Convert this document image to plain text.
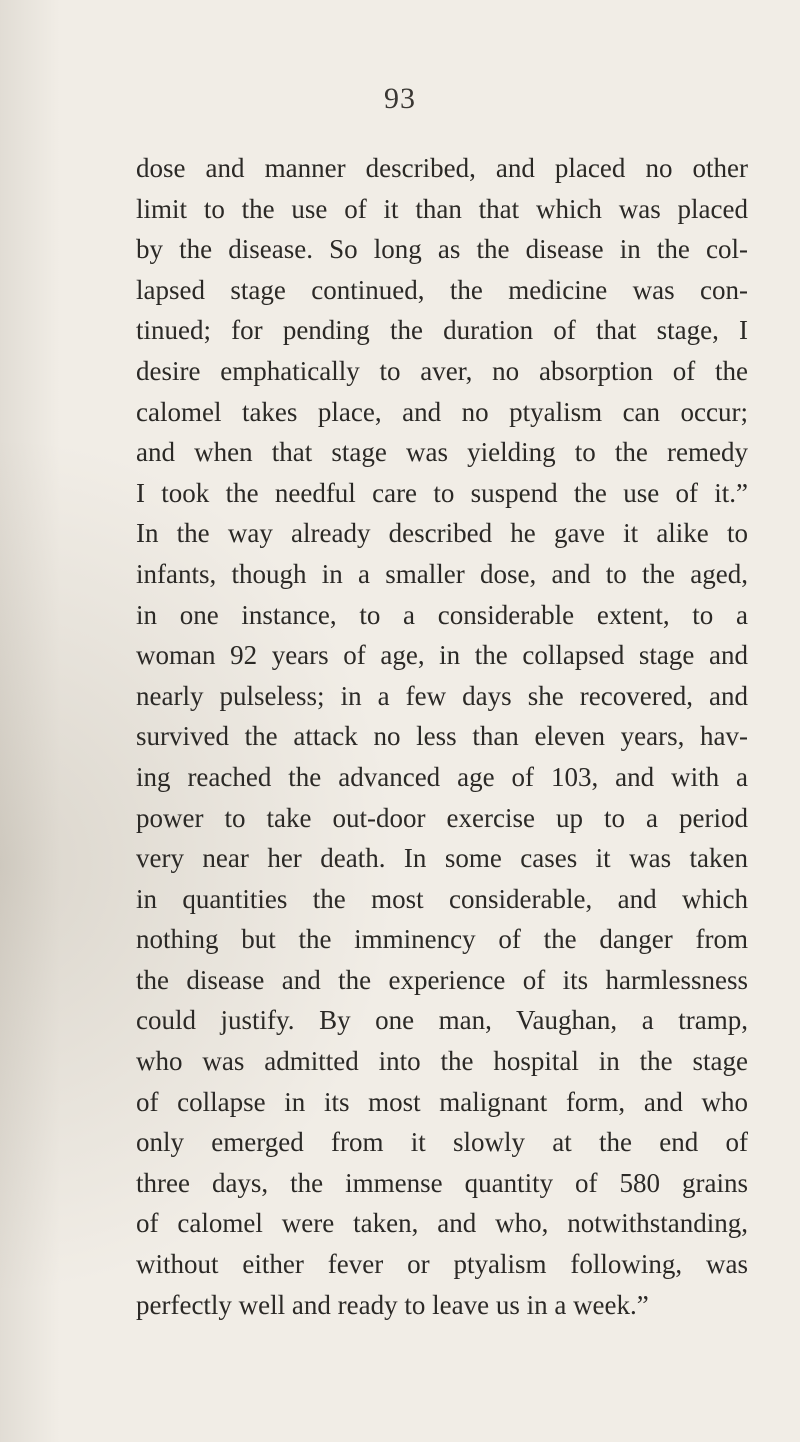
93
dose and manner described, and placed no other
limit to the use of it than that which was placed
by the disease. So long as the disease in the col-
lapsed stage continued, the medicine was con-
tinued; for pending the duration of that stage, I
desire emphatically to aver, no absorption of the
calomel takes place, and no ptyalism can occur;
and when that stage was yielding to the remedy
I took the needful care to suspend the use of it.”
In the way already described he gave it alike to
infants, though in a smaller dose, and to the aged,
in one instance, to a considerable extent, to a
woman 92 years of age, in the collapsed stage and
nearly pulseless; in a few days she recovered, and
survived the attack no less than eleven years, hav-
ing reached the advanced age of 103, and with a
power to take out-door exercise up to a period
very near her death. In some cases it was taken
in quantities the most considerable, and which
nothing but the imminency of the danger from
the disease and the experience of its harmlessness
could justify. By one man, Vaughan, a tramp,
who was admitted into the hospital in the stage
of collapse in its most malignant form, and who
only emerged from it slowly at the end of
three days, the immense quantity of 580 grains
of calomel were taken, and who, notwithstanding,
without either fever or ptyalism following, was
perfectly well and ready to leave us in a week.”
